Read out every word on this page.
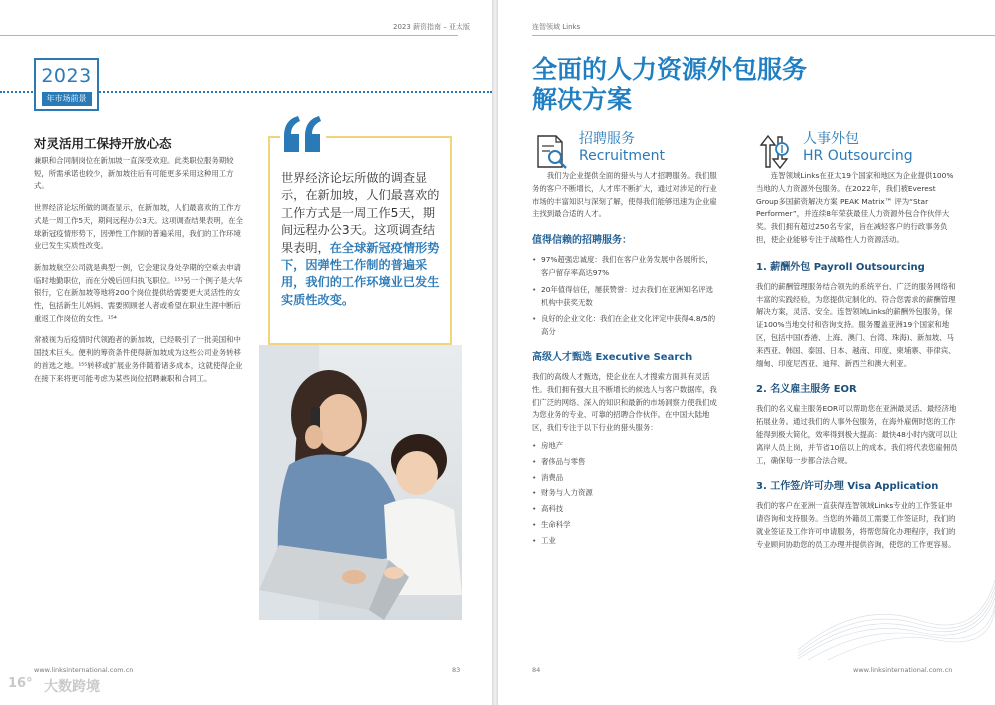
2023 薪资指南 – 亚太版
2023
年市场前景
对灵活用工保持开放心态

兼职和合同制岗位在新加坡一直深受欢迎。此类职位服务期较短，所需承诺也较少，新加坡往后有可能更多采用这种用工方式。

世界经济论坛所做的调查显示，在新加坡，人们最喜欢的工作方式是一周工作5天，期间远程办公3天。这项调查结果表明，在全球新冠疫情形势下，因弹性工作制的普遍采用，我们的工作环境业已发生实质性改变。

新加坡航空公司就是典型一例，它会建议身处孕期的空乘去申请临时地勤职位，而在分娩后回归执飞职位。¹⁵³另一个例子是大华银行，它在新加坡等地将200个岗位提供给需要更大灵活性的女性，包括新生儿妈妈、需要照顾老人者或希望在职业生涯中断后重返工作岗位的女性。¹⁵⁴

常被视为后疫情时代领跑者的新加坡，已经吸引了一批美国和中国技术巨头。便利的筹资条件使得新加坡成为这些公司业务转移的首选之地。¹⁵⁵转移或扩展业务伴随着诸多成本，这就使得企业在接下来将更可能考虑为某些岗位招聘兼职和合同工。

世界经济论坛所做的调查显示，在新加坡，人们最喜欢的工作方式是一周工作5天，期间远程办公3天。这项调查结果表明，在全球新冠疫情形势下，因弹性工作制的普遍采用，我们的工作环境业已发生实质性改变。
www.linksinternational.com.cn	83
16° 大数跨境
连智领域 Links
全面的人力资源外包服务
解决方案
招聘服务
Recruitment

我们为企业提供全面的猎头与人才招聘服务。我们服务的客户不断增长，人才库不断扩大，通过对涉足的行业市场的丰富知识与深刻了解，使得我们能够迅速为企业雇主找到最合适的人才。

值得信赖的招聘服务：
• 97%超强忠诚度：我们在客户业务发展中各展所长，客户留存率高达97%
• 20年值得信任，屡获赞誉：过去我们在亚洲知名评选机构中获奖无数
• 良好的企业文化：我们在企业文化评定中获得4.8/5的高分
高级人才甄选 Executive Search

我们的高级人才甄选，使企业在人才搜索方面具有灵活性。我们拥有强大且不断增长的候选人与客户数据库，我们广泛的网络、深入的知识和最新的市场洞察力使我们成为您业务的专业、可靠的招聘合作伙伴。在中国大陆地区，我们专注于以下行业的猎头服务：

• 房地产
• 奢侈品与零售
• 消费品
• 财务与人力资源
• 高科技
• 生命科学
• 工业
人事外包
HR Outsourcing

连智领域Links在亚太19个国家和地区为企业提供100%当地的人力资源外包服务。在2022年，我们被Everest Group多国薪资解决方案 PEAK Matrix™ 评为“Star Performer”，并连续8年荣获最佳人力资源外包合作伙伴大奖。我们拥有超过250名专家，旨在减轻客户的行政事务负担，使企业能够专注于战略性人力资源活动。

1. 薪酬外包 Payroll Outsourcing

我们的薪酬管理服务结合领先的系统平台、广泛的服务网络和丰富的实践经验，为您提供定制化的、符合您需求的薪酬管理解决方案，灵活、安全。连智领域Links的薪酬外包服务，保证100%当地交付和咨询支持。服务覆盖亚洲19个国家和地区，包括中国(香港、上海、澳门、台湾、珠海)、新加坡、马来西亚、韩国、泰国、日本、越南、印度、柬埔寨、菲律宾、缅甸、印度尼西亚、迪拜、新西兰和澳大利亚。

2. 名义雇主服务 EOR

我们的名义雇主服务EOR可以帮助您在亚洲最灵活、最经济地拓展业务。通过我们的人事外包服务，在海外雇佣时您的工作能得到极大简化，效率得到极大提高：最快48小时内就可以让离岸人员上岗，并节省10倍以上的成本。我们将代表您雇佣员工，确保每一步都合法合规。

3. 工作签/许可办理 Visa Application

我们的客户在亚洲一直获得连智领域Links专业的工作签证申请咨询和支持服务。当您的外籍员工需要工作签证时，我们的就业签证及工作许可申请服务，将帮您简化办理程序，我们的专业顾问协助您的员工办理并提供咨询，使您的工作更容易。

84	www.linksinternational.com.cn
